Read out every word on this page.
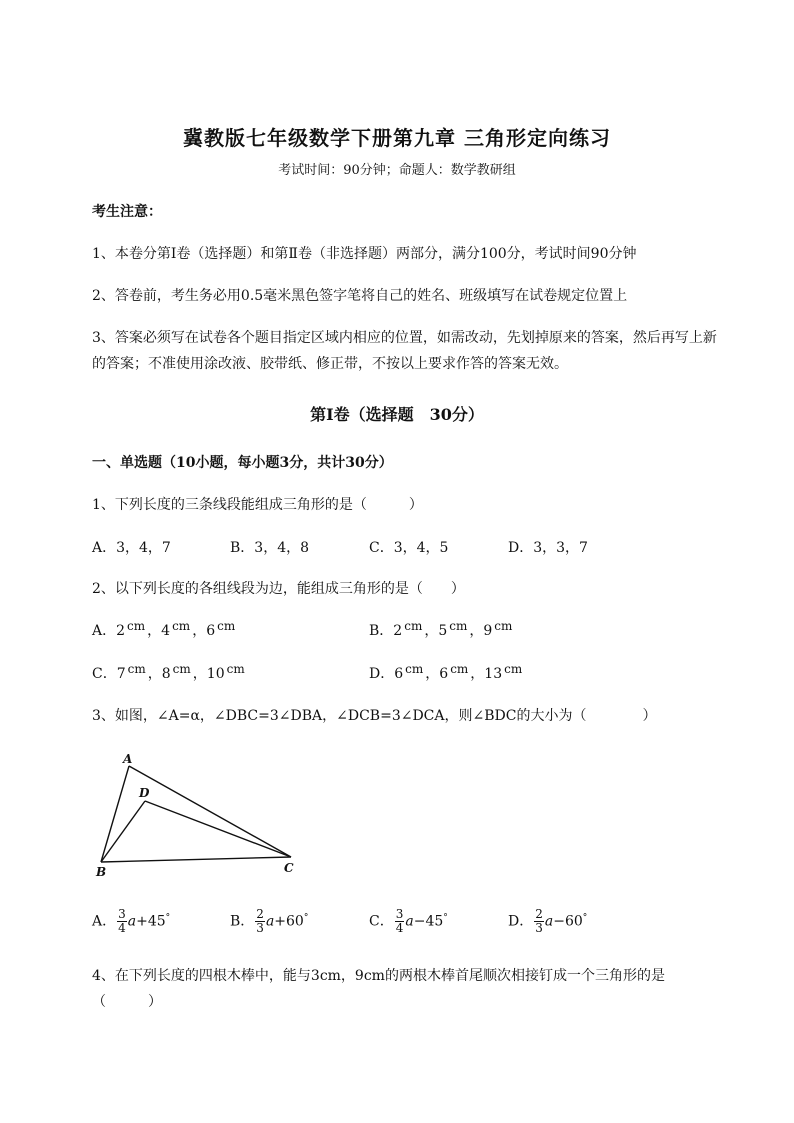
冀教版七年级数学下册第九章 三角形定向练习
考试时间：90分钟；命题人：数学教研组
考生注意：
1、本卷分第I卷（选择题）和第Ⅱ卷（非选择题）两部分，满分100分，考试时间90分钟
2、答卷前，考生务必用0.5毫米黑色签字笔将自己的姓名、班级填写在试卷规定位置上
3、答案必须写在试卷各个题目指定区域内相应的位置，如需改动，先划掉原来的答案，然后再写上新
的答案；不准使用涂改液、胶带纸、修正带，不按以上要求作答的答案无效。
第I卷（选择题　30分）
一、单选题（10小题，每小题3分，共计30分）
1、下列长度的三条线段能组成三角形的是（　　　）
A．3，4，7	B．3，4，8	C．3，4，5	D．3，3，7
2、以下列长度的各组线段为边，能组成三角形的是（　　）
A．2 cm ，4 cm ，6 cm	B．2 cm ，5 cm ，9 cm
C．7 cm ，8 cm ，10 cm	D．6 cm ，6 cm ，13 cm
3、如图，∠A=α，∠DBC=3∠DBA，∠DCB=3∠DCA，则∠BDC的大小为（　　　　）
A
D
B	C
A． $\frac{3}{4} a+45^\circ$	B． $\frac{2}{3} a+60^\circ$	C． $\frac{3}{4} a-45^\circ$	D． $\frac{2}{3} a-60^\circ$
4、在下列长度的四根木棒中，能与3cm，9cm的两根木棒首尾顺次相接钉成一个三角形的是
（　　　）
